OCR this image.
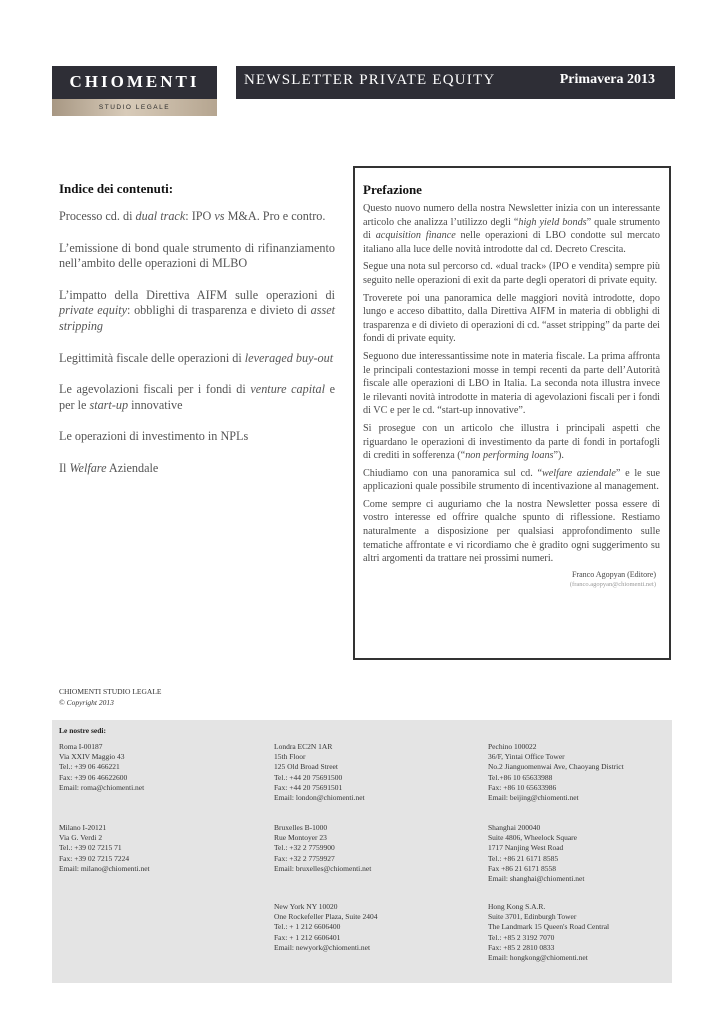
CHIOMENTI
STUDIO LEGALE
NEWSLETTER PRIVATE EQUITY	Primavera 2013
Indice dei contenuti:

Processo cd. di dual track: IPO vs M&A. Pro e contro.

L’emissione di bond quale strumento di rifinanziamento nell’ambito delle operazioni di MLBO

L’impatto della Direttiva AIFM sulle operazioni di private equity: obblighi di trasparenza e divieto di asset stripping

Legittimità fiscale delle operazioni di leveraged buy-out

Le agevolazioni fiscali per i fondi di venture capital e per le start-up innovative

Le operazioni di investimento in NPLs

Il Welfare Aziendale

Prefazione

Questo nuovo numero della nostra Newsletter inizia con un interessante articolo che analizza l’utilizzo degli “high yield bonds” quale strumento di acquisition finance nelle operazioni di LBO condotte sul mercato italiano alla luce delle novità introdotte dal cd. Decreto Crescita.

Segue una nota sul percorso cd. «dual track» (IPO e vendita) sempre più seguito nelle operazioni di exit da parte degli operatori di private equity.

Troverete poi una panoramica delle maggiori novità introdotte, dopo lungo e acceso dibattito, dalla Direttiva AIFM in materia di obblighi di trasparenza e di divieto di operazioni di cd. “asset stripping” da parte dei fondi di private equity.

Seguono due interessantissime note in materia fiscale. La prima affronta le principali contestazioni mosse in tempi recenti da parte dell’Autorità fiscale alle operazioni di LBO in Italia. La seconda nota illustra invece le rilevanti novità introdotte in materia di agevolazioni fiscali per i fondi di VC e per le cd. “start-up innovative”.

Si prosegue con un articolo che illustra i principali aspetti che riguardano le operazioni di investimento da parte di fondi in portafogli di crediti in sofferenza (“non performing loans”).

Chiudiamo con una panoramica sul cd. “welfare aziendale” e le sue applicazioni quale possibile strumento di incentivazione al management.

Come sempre ci auguriamo che la nostra Newsletter possa essere di vostro interesse ed offrire qualche spunto di riflessione. Restiamo naturalmente a disposizione per qualsiasi approfondimento sulle tematiche affrontate e vi ricordiamo che è gradito ogni suggerimento su altri argomenti da trattare nei prossimi numeri.

Franco Agopyan (Editore)

(franco.agopyan@chiomenti.net)

CHIOMENTI STUDIO LEGALE
© Copyright 2013
Le nostre sedi:
Roma I-00187
Via XXIV Maggio 43
Tel.: +39 06 466221
Fax: +39 06 46622600
Email: roma@chiomenti.net
Londra EC2N 1AR
15th Floor
125 Old Broad Street
Tel.: +44 20 75691500
Fax: +44 20 75691501
Email: london@chiomenti.net
Pechino 100022
36/F, Yintai Office Tower
No.2 Jianguomenwai Ave, Chaoyang District
Tel.+86 10 65633988
Fax: +86 10 65633986
Email: beijing@chiomenti.net
Milano I-20121
Via G. Verdi 2
Tel.: +39 02 7215 71
Fax: +39 02 7215 7224
Email: milano@chiomenti.net
Bruxelles B-1000
Rue Montoyer 23
Tel.: +32 2 7759900
Fax: +32 2 7759927
Email: bruxelles@chiomenti.net
Shanghai 200040
Suite 4806, Wheelock Square
1717 Nanjing West Road
Tel.: +86 21 6171 8585
Fax +86 21 6171 8558
Email: shanghai@chiomenti.net
New York NY 10020
One Rockefeller Plaza, Suite 2404
Tel.: + 1 212 6606400
Fax: + 1 212 6606401
Email: newyork@chiomenti.net
Hong Kong S.A.R.
Suite 3701, Edinburgh Tower
The Landmark 15 Queen's Road Central
Tel.: +85 2 3192 7070
Fax: +85 2 2810 0833
Email: hongkong@chiomenti.net
